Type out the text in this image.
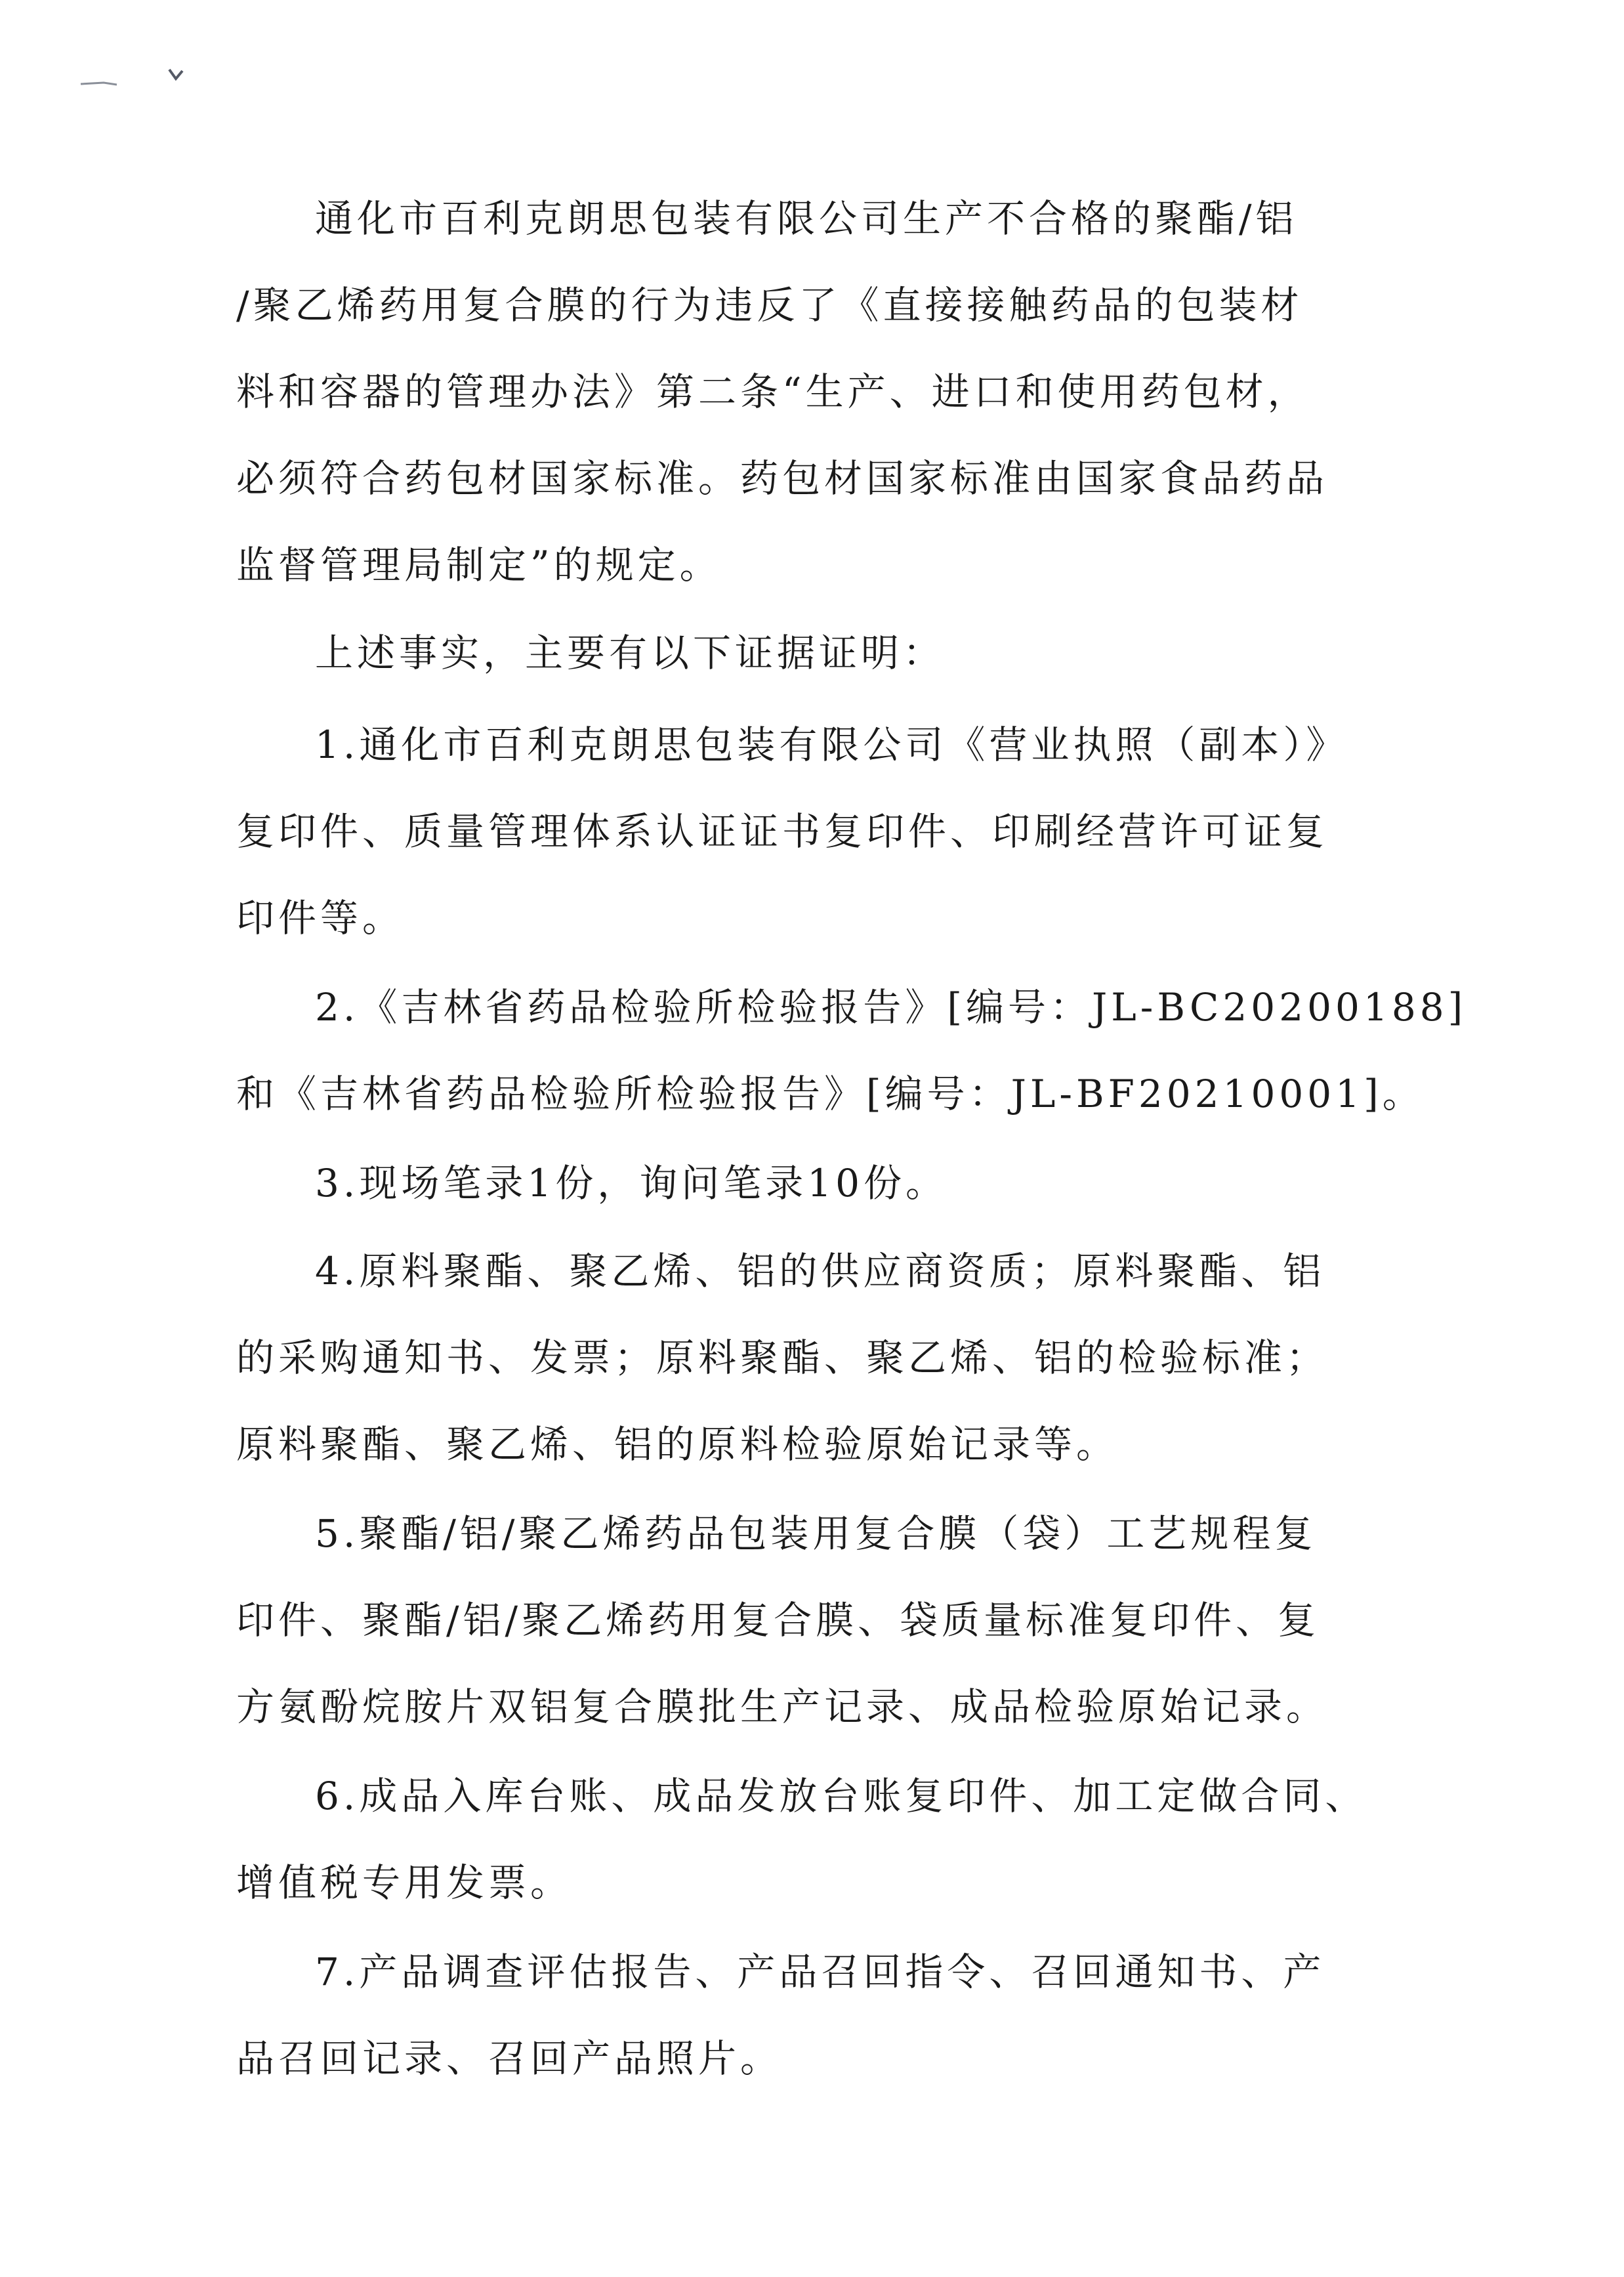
通化市百利克朗思包装有限公司生产不合格的聚酯/铝
/聚乙烯药用复合膜的行为违反了《直接接触药品的包装材
料和容器的管理办法》第二条“生产、进口和使用药包材，
必须符合药包材国家标准。药包材国家标准由国家食品药品
监督管理局制定”的规定。
上述事实，主要有以下证据证明：
1.通化市百利克朗思包装有限公司《营业执照（副本）》
复印件、质量管理体系认证证书复印件、印刷经营许可证复
印件等。
2.《吉林省药品检验所检验报告》[编号：JL-BC20200188]
和《吉林省药品检验所检验报告》[编号：JL-BF20210001]。
3.现场笔录1份，询问笔录10份。
4.原料聚酯、聚乙烯、铝的供应商资质；原料聚酯、铝
的采购通知书、发票；原料聚酯、聚乙烯、铝的检验标准；
原料聚酯、聚乙烯、铝的原料检验原始记录等。
5.聚酯/铝/聚乙烯药品包装用复合膜（袋）工艺规程复
印件、聚酯/铝/聚乙烯药用复合膜、袋质量标准复印件、复
方氨酚烷胺片双铝复合膜批生产记录、成品检验原始记录。
6.成品入库台账、成品发放台账复印件、加工定做合同、
增值税专用发票。
7.产品调查评估报告、产品召回指令、召回通知书、产
品召回记录、召回产品照片。
